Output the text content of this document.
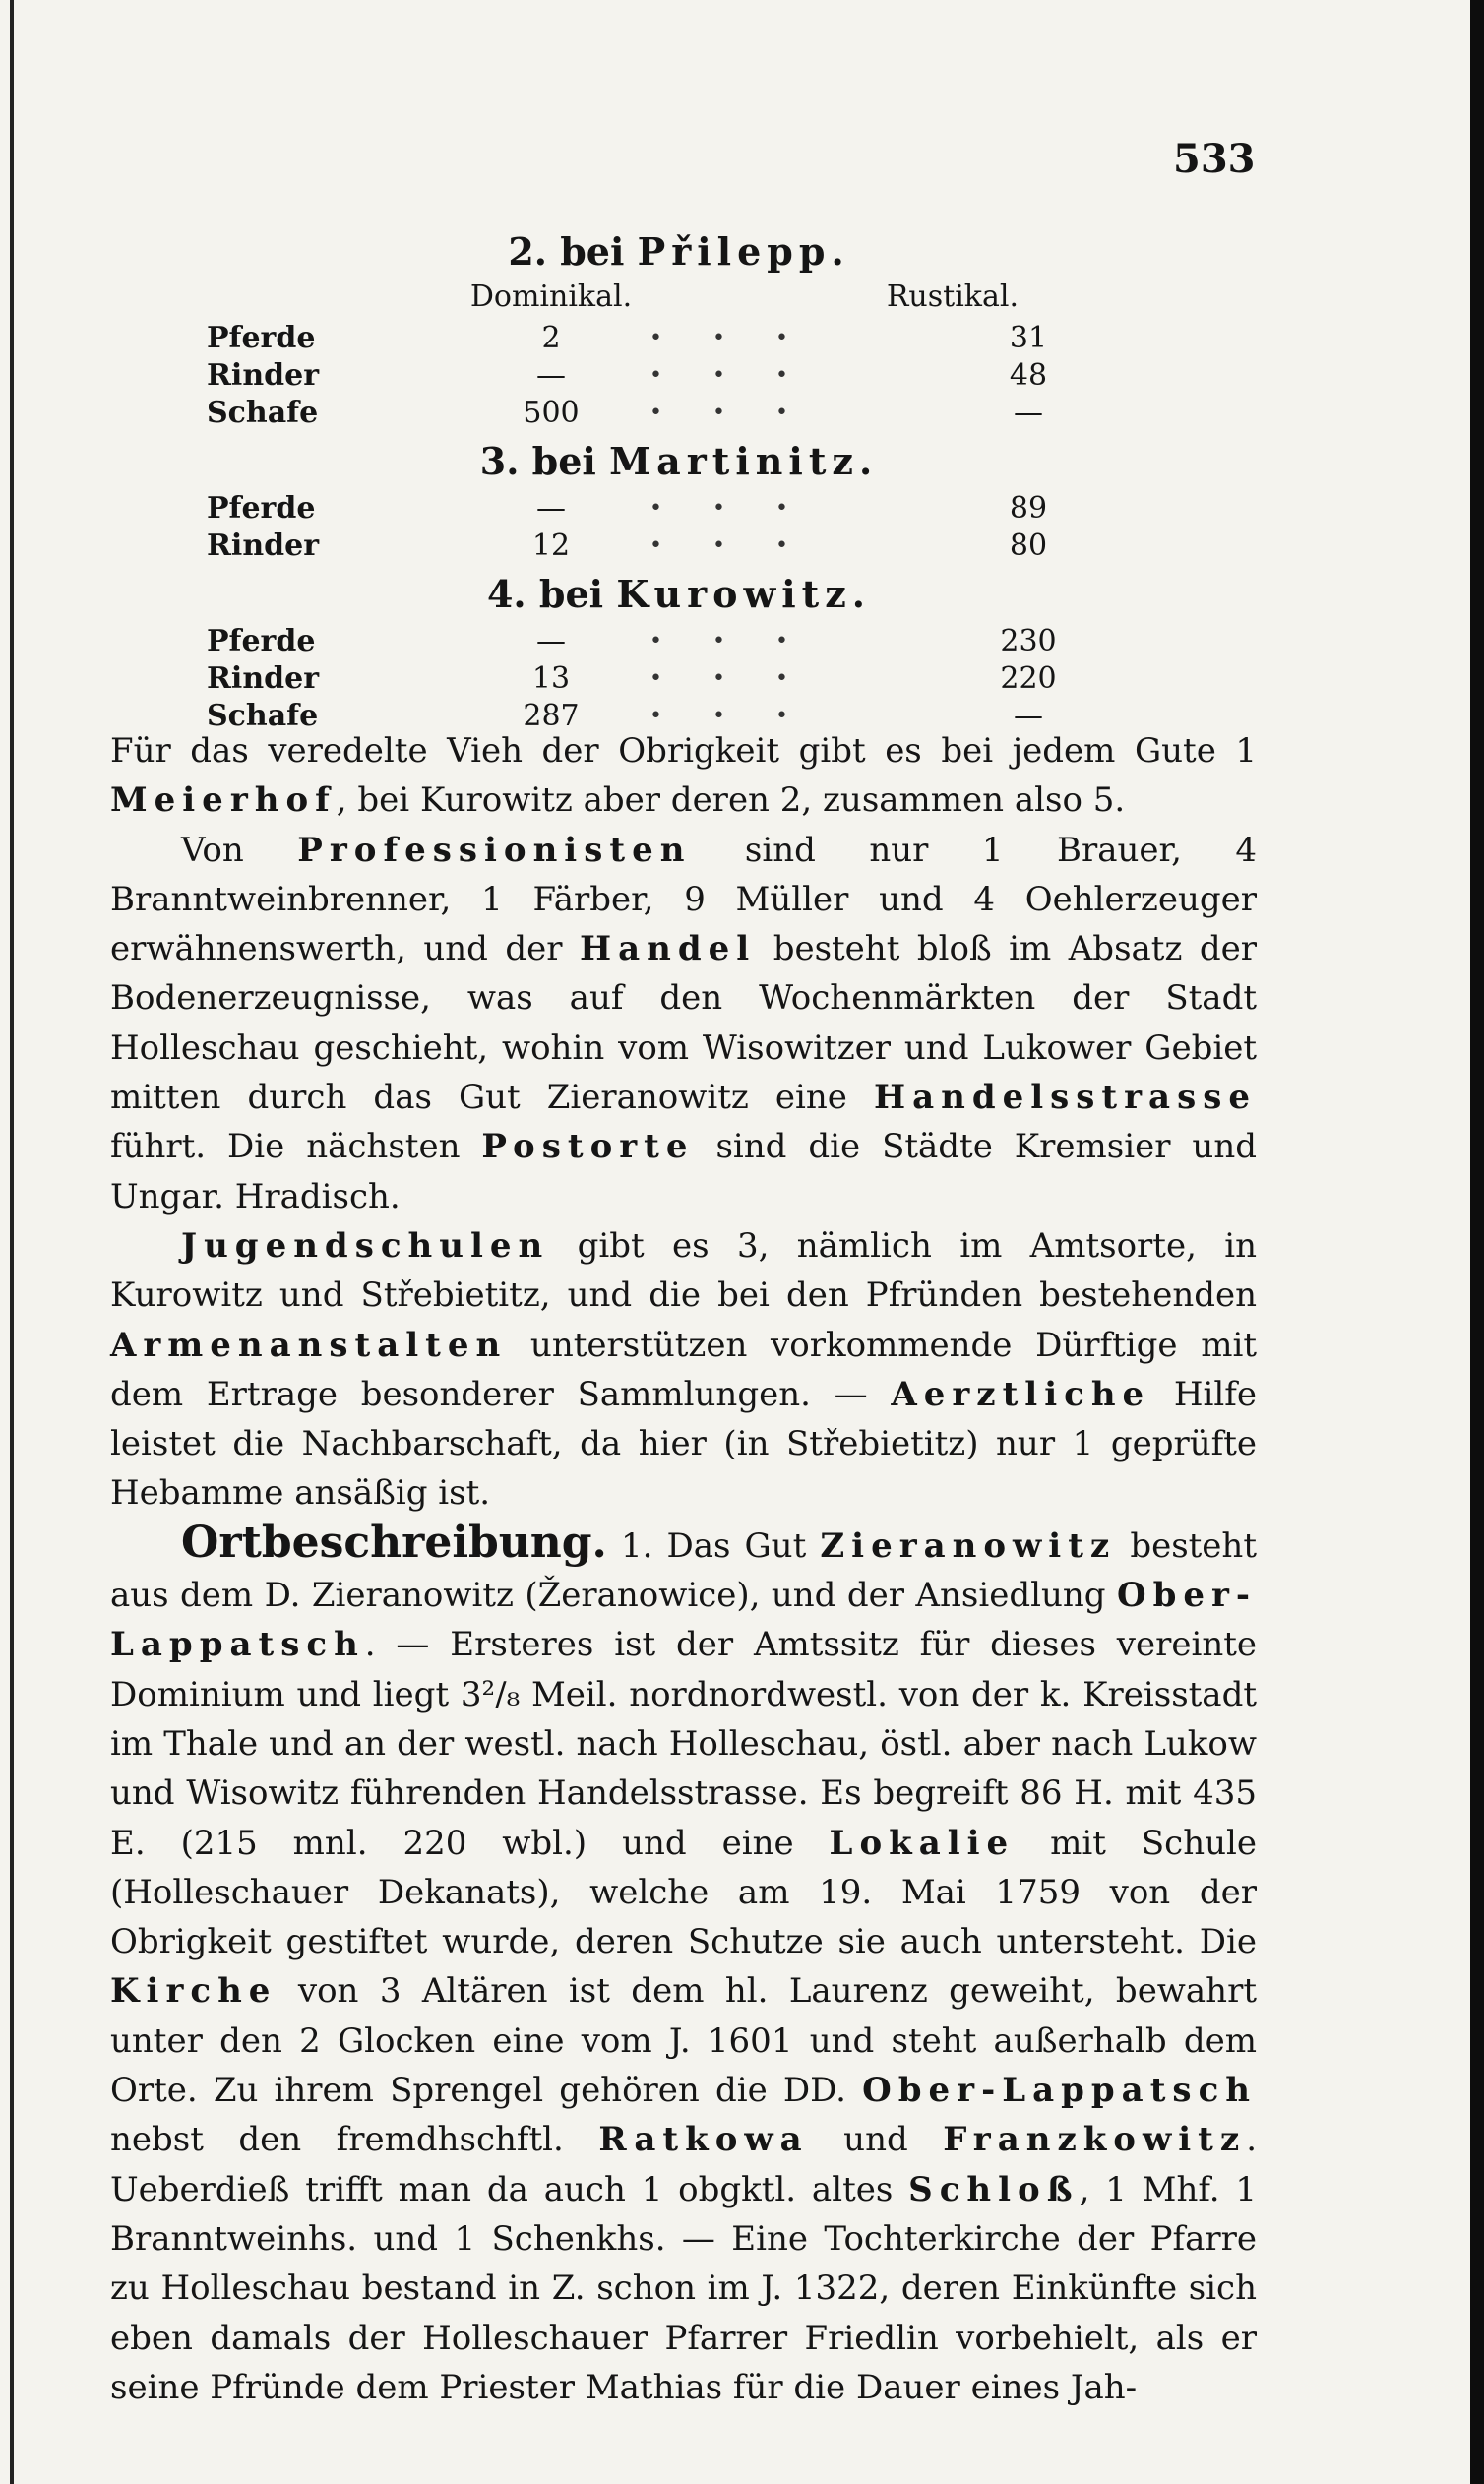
533
2. bei Přilepp.
Dominikal.	Rustikal.
Pferde	2	• • •	31
Rinder	—	• • •	48
Schafe	500	• • •	—
3. bei Martinitz.
Pferde	—	• • •	89
Rinder	12	• • •	80
4. bei Kurowitz.
Pferde	—	• • •	230
Rinder	13	• • •	220
Schafe	287	• • •	—

Für das veredelte Vieh der Obrigkeit gibt es bei jedem Gute 1 Meierhof, bei Kurowitz aber deren 2, zusammen also 5.

Von Professionisten sind nur 1 Brauer, 4 Branntweinbrenner, 1 Färber, 9 Müller und 4 Oehlerzeuger erwähnenswerth, und der Handel besteht bloß im Absatz der Bodenerzeugnisse, was auf den Wochenmärkten der Stadt Holleschau geschieht, wohin vom Wisowitzer und Lukower Gebiet mitten durch das Gut Zieranowitz eine Handelsstrasse führt. Die nächsten Postorte sind die Städte Kremsier und Ungar. Hradisch.

Jugendschulen gibt es 3, nämlich im Amtsorte, in Kurowitz und Střebietitz, und die bei den Pfründen bestehenden Armenanstalten unterstützen vorkommende Dürftige mit dem Ertrage besonderer Sammlungen. — Aerztliche Hilfe leistet die Nachbarschaft, da hier (in Střebietitz) nur 1 geprüfte Hebamme ansäßig ist.

Ortbeschreibung. 1. Das Gut Zieranowitz besteht aus dem D. Zieranowitz (Žeranowice), und der Ansiedlung Ober-Lappatsch. — Ersteres ist der Amtssitz für dieses vereinte Dominium und liegt 3²/₈ Meil. nordnordwestl. von der k. Kreisstadt im Thale und an der westl. nach Holleschau, östl. aber nach Lukow und Wisowitz führenden Handelsstrasse. Es begreift 86 H. mit 435 E. (215 mnl. 220 wbl.) und eine Lokalie mit Schule (Holleschauer Dekanats), welche am 19. Mai 1759 von der Obrigkeit gestiftet wurde, deren Schutze sie auch untersteht. Die Kirche von 3 Altären ist dem hl. Laurenz geweiht, bewahrt unter den 2 Glocken eine vom J. 1601 und steht außerhalb dem Orte. Zu ihrem Sprengel gehören die DD. Ober-Lappatsch nebst den fremdhschftl. Ratkowa und Franzkowitz. Ueberdieß trifft man da auch 1 obgktl. altes Schloß, 1 Mhf. 1 Branntweinhs. und 1 Schenkhs. — Eine Tochterkirche der Pfarre zu Holleschau bestand in Z. schon im J. 1322, deren Einkünfte sich eben damals der Holleschauer Pfarrer Friedlin vorbehielt, als er seine Pfründe dem Priester Mathias für die Dauer eines Jah-
